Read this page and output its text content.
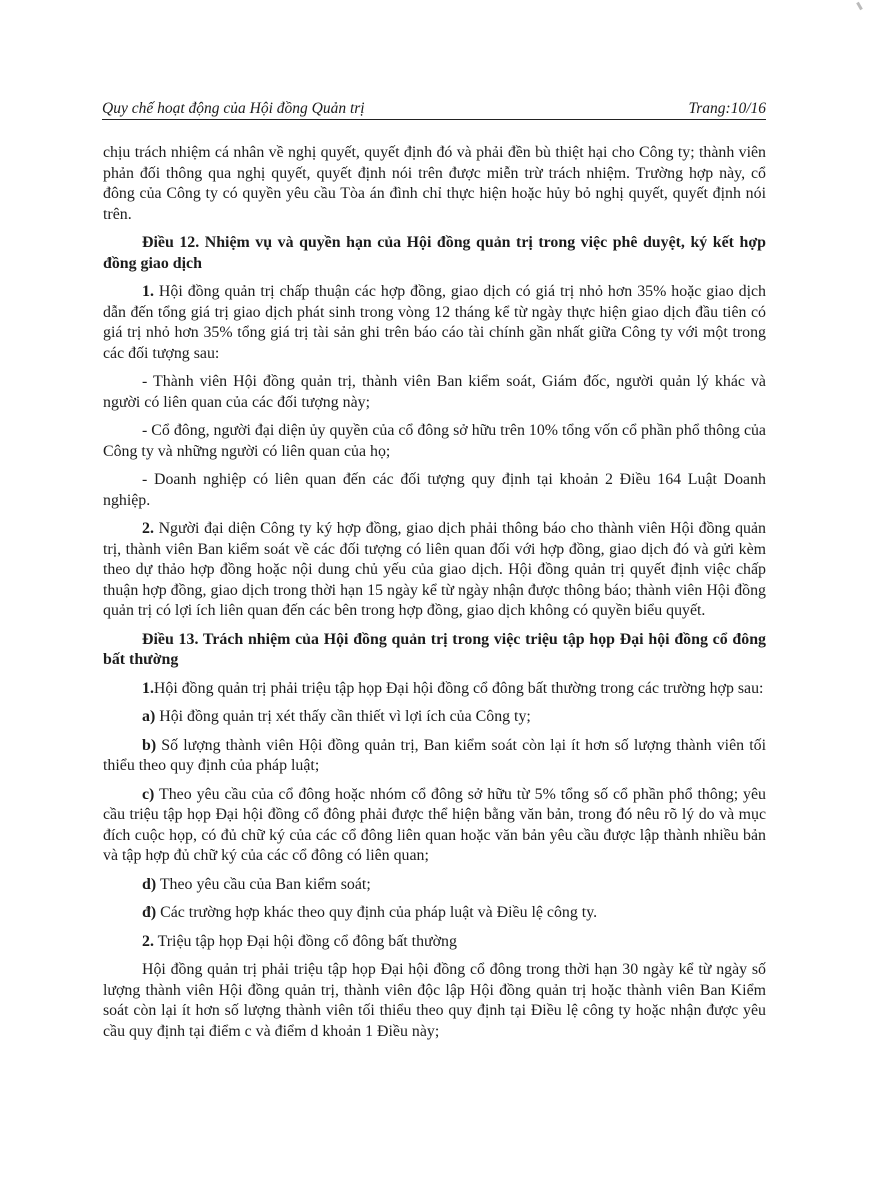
Quy chế hoạt động của Hội đồng Quản trị	Trang:10/16

chịu trách nhiệm cá nhân về nghị quyết, quyết định đó và phải đền bù thiệt hại cho Công ty; thành viên phản đối thông qua nghị quyết, quyết định nói trên được miễn trừ trách nhiệm. Trường hợp này, cổ đông của Công ty có quyền yêu cầu Tòa án đình chỉ thực hiện hoặc hủy bỏ nghị quyết, quyết định nói trên.

Điều 12. Nhiệm vụ và quyền hạn của Hội đồng quản trị trong việc phê duyệt, ký kết hợp đồng giao dịch

1. Hội đồng quản trị chấp thuận các hợp đồng, giao dịch có giá trị nhỏ hơn 35% hoặc giao dịch dẫn đến tổng giá trị giao dịch phát sinh trong vòng 12 tháng kể từ ngày thực hiện giao dịch đầu tiên có giá trị nhỏ hơn 35% tổng giá trị tài sản ghi trên báo cáo tài chính gần nhất giữa Công ty với một trong các đối tượng sau:

- Thành viên Hội đồng quản trị, thành viên Ban kiểm soát, Giám đốc, người quản lý khác và người có liên quan của các đối tượng này;

- Cổ đông, người đại diện ủy quyền của cổ đông sở hữu trên 10% tổng vốn cổ phần phổ thông của Công ty và những người có liên quan của họ;

- Doanh nghiệp có liên quan đến các đối tượng quy định tại khoản 2 Điều 164 Luật Doanh nghiệp.

2. Người đại diện Công ty ký hợp đồng, giao dịch phải thông báo cho thành viên Hội đồng quản trị, thành viên Ban kiểm soát về các đối tượng có liên quan đối với hợp đồng, giao dịch đó và gửi kèm theo dự thảo hợp đồng hoặc nội dung chủ yếu của giao dịch. Hội đồng quản trị quyết định việc chấp thuận hợp đồng, giao dịch trong thời hạn 15 ngày kể từ ngày nhận được thông báo; thành viên Hội đồng quản trị có lợi ích liên quan đến các bên trong hợp đồng, giao dịch không có quyền biểu quyết.

Điều 13. Trách nhiệm của Hội đồng quản trị trong việc triệu tập họp Đại hội đồng cổ đông bất thường

1.Hội đồng quản trị phải triệu tập họp Đại hội đồng cổ đông bất thường trong các trường hợp sau:

a) Hội đồng quản trị xét thấy cần thiết vì lợi ích của Công ty;

b) Số lượng thành viên Hội đồng quản trị, Ban kiểm soát còn lại ít hơn số lượng thành viên tối thiểu theo quy định của pháp luật;

c) Theo yêu cầu của cổ đông hoặc nhóm cổ đông sở hữu từ 5% tổng số cổ phần phổ thông; yêu cầu triệu tập họp Đại hội đồng cổ đông phải được thể hiện bằng văn bản, trong đó nêu rõ lý do và mục đích cuộc họp, có đủ chữ ký của các cổ đông liên quan hoặc văn bản yêu cầu được lập thành nhiều bản và tập hợp đủ chữ ký của các cổ đông có liên quan;

d) Theo yêu cầu của Ban kiểm soát;

đ) Các trường hợp khác theo quy định của pháp luật và Điều lệ công ty.

2. Triệu tập họp Đại hội đồng cổ đông bất thường

Hội đồng quản trị phải triệu tập họp Đại hội đồng cổ đông trong thời hạn 30 ngày kể từ ngày số lượng thành viên Hội đồng quản trị, thành viên độc lập Hội đồng quản trị hoặc thành viên Ban Kiểm soát còn lại ít hơn số lượng thành viên tối thiểu theo quy định tại Điều lệ công ty hoặc nhận được yêu cầu quy định tại điểm c và điểm d khoản 1 Điều này;
